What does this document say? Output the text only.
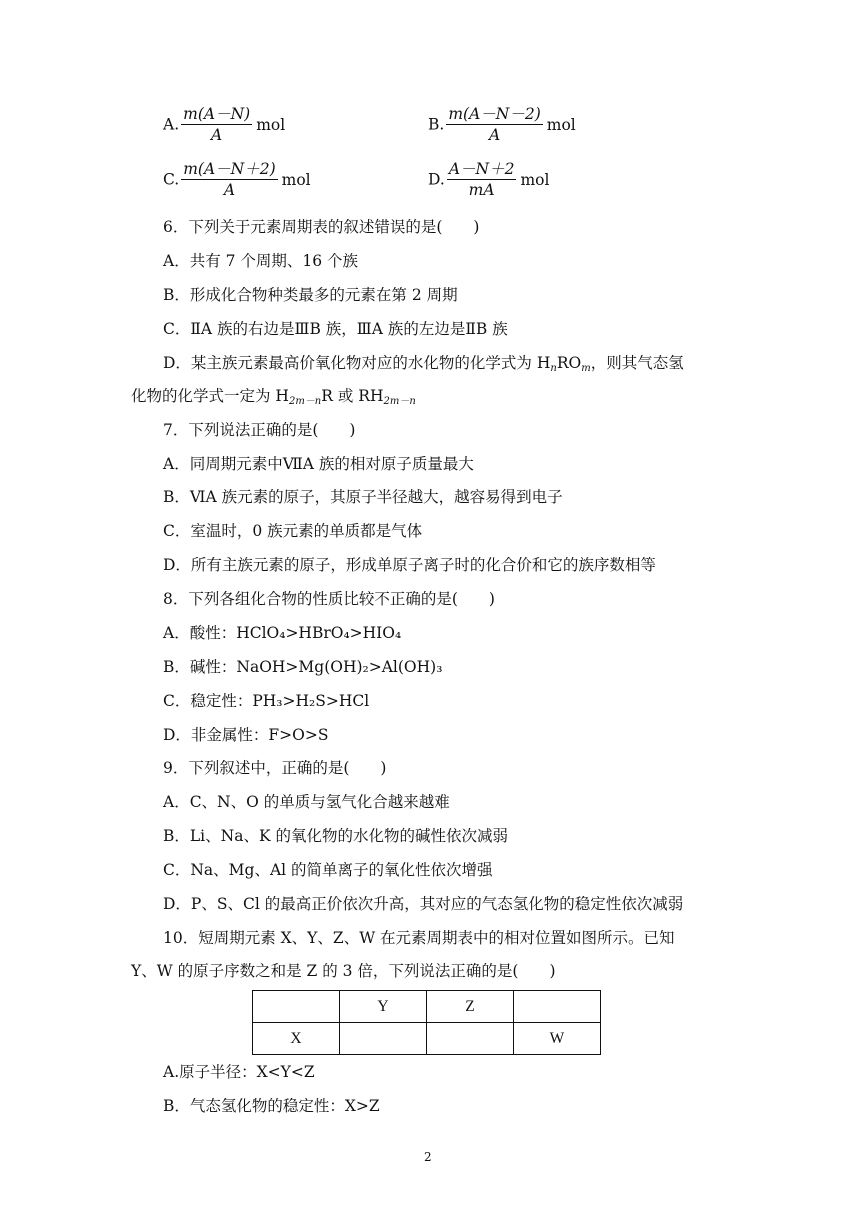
A. $\frac{m(A-N)}{A}$ mol	B. $\frac{m(A-N-2)}{A}$ mol
C. $\frac{m(A-N+2)}{A}$ mol	D. $\frac{A-N+2}{mA}$ mol
6．下列关于元素周期表的叙述错误的是(　　)
A．共有 7 个周期、16 个族
B．形成化合物种类最多的元素在第 2 周期
C．ⅡA 族的右边是ⅢB 族，ⅢA 族的左边是ⅡB 族
D．某主族元素最高价氧化物对应的水化物的化学式为 $H_nRO_m$，则其气态氢
化物的化学式一定为 $H_{2m-n}R$ 或 $RH_{2m-n}$
7．下列说法正确的是(　　)
A．同周期元素中ⅦA 族的相对原子质量最大
B．ⅥA 族元素的原子，其原子半径越大，越容易得到电子
C．室温时，0 族元素的单质都是气体
D．所有主族元素的原子，形成单原子离子时的化合价和它的族序数相等
8．下列各组化合物的性质比较不正确的是(　　)
A．酸性：HClO₄>HBrO₄>HIO₄
B．碱性：NaOH>Mg(OH)₂>Al(OH)₃
C．稳定性：PH₃>H₂S>HCl
D．非金属性：F>O>S
9．下列叙述中，正确的是(　　)
A．C、N、O 的单质与氢气化合越来越难
B．Li、Na、K 的氧化物的水化物的碱性依次减弱
C．Na、Mg、Al 的简单离子的氧化性依次增强
D．P、S、Cl 的最高正价依次升高，其对应的气态氢化物的稳定性依次减弱
10．短周期元素 X、Y、Z、W 在元素周期表中的相对位置如图所示。已知
Y、W 的原子序数之和是 Z 的 3 倍，下列说法正确的是(　　)
	Y	Z	
X			W
A.原子半径：X<Y<Z
B．气态氢化物的稳定性：X>Z
2
